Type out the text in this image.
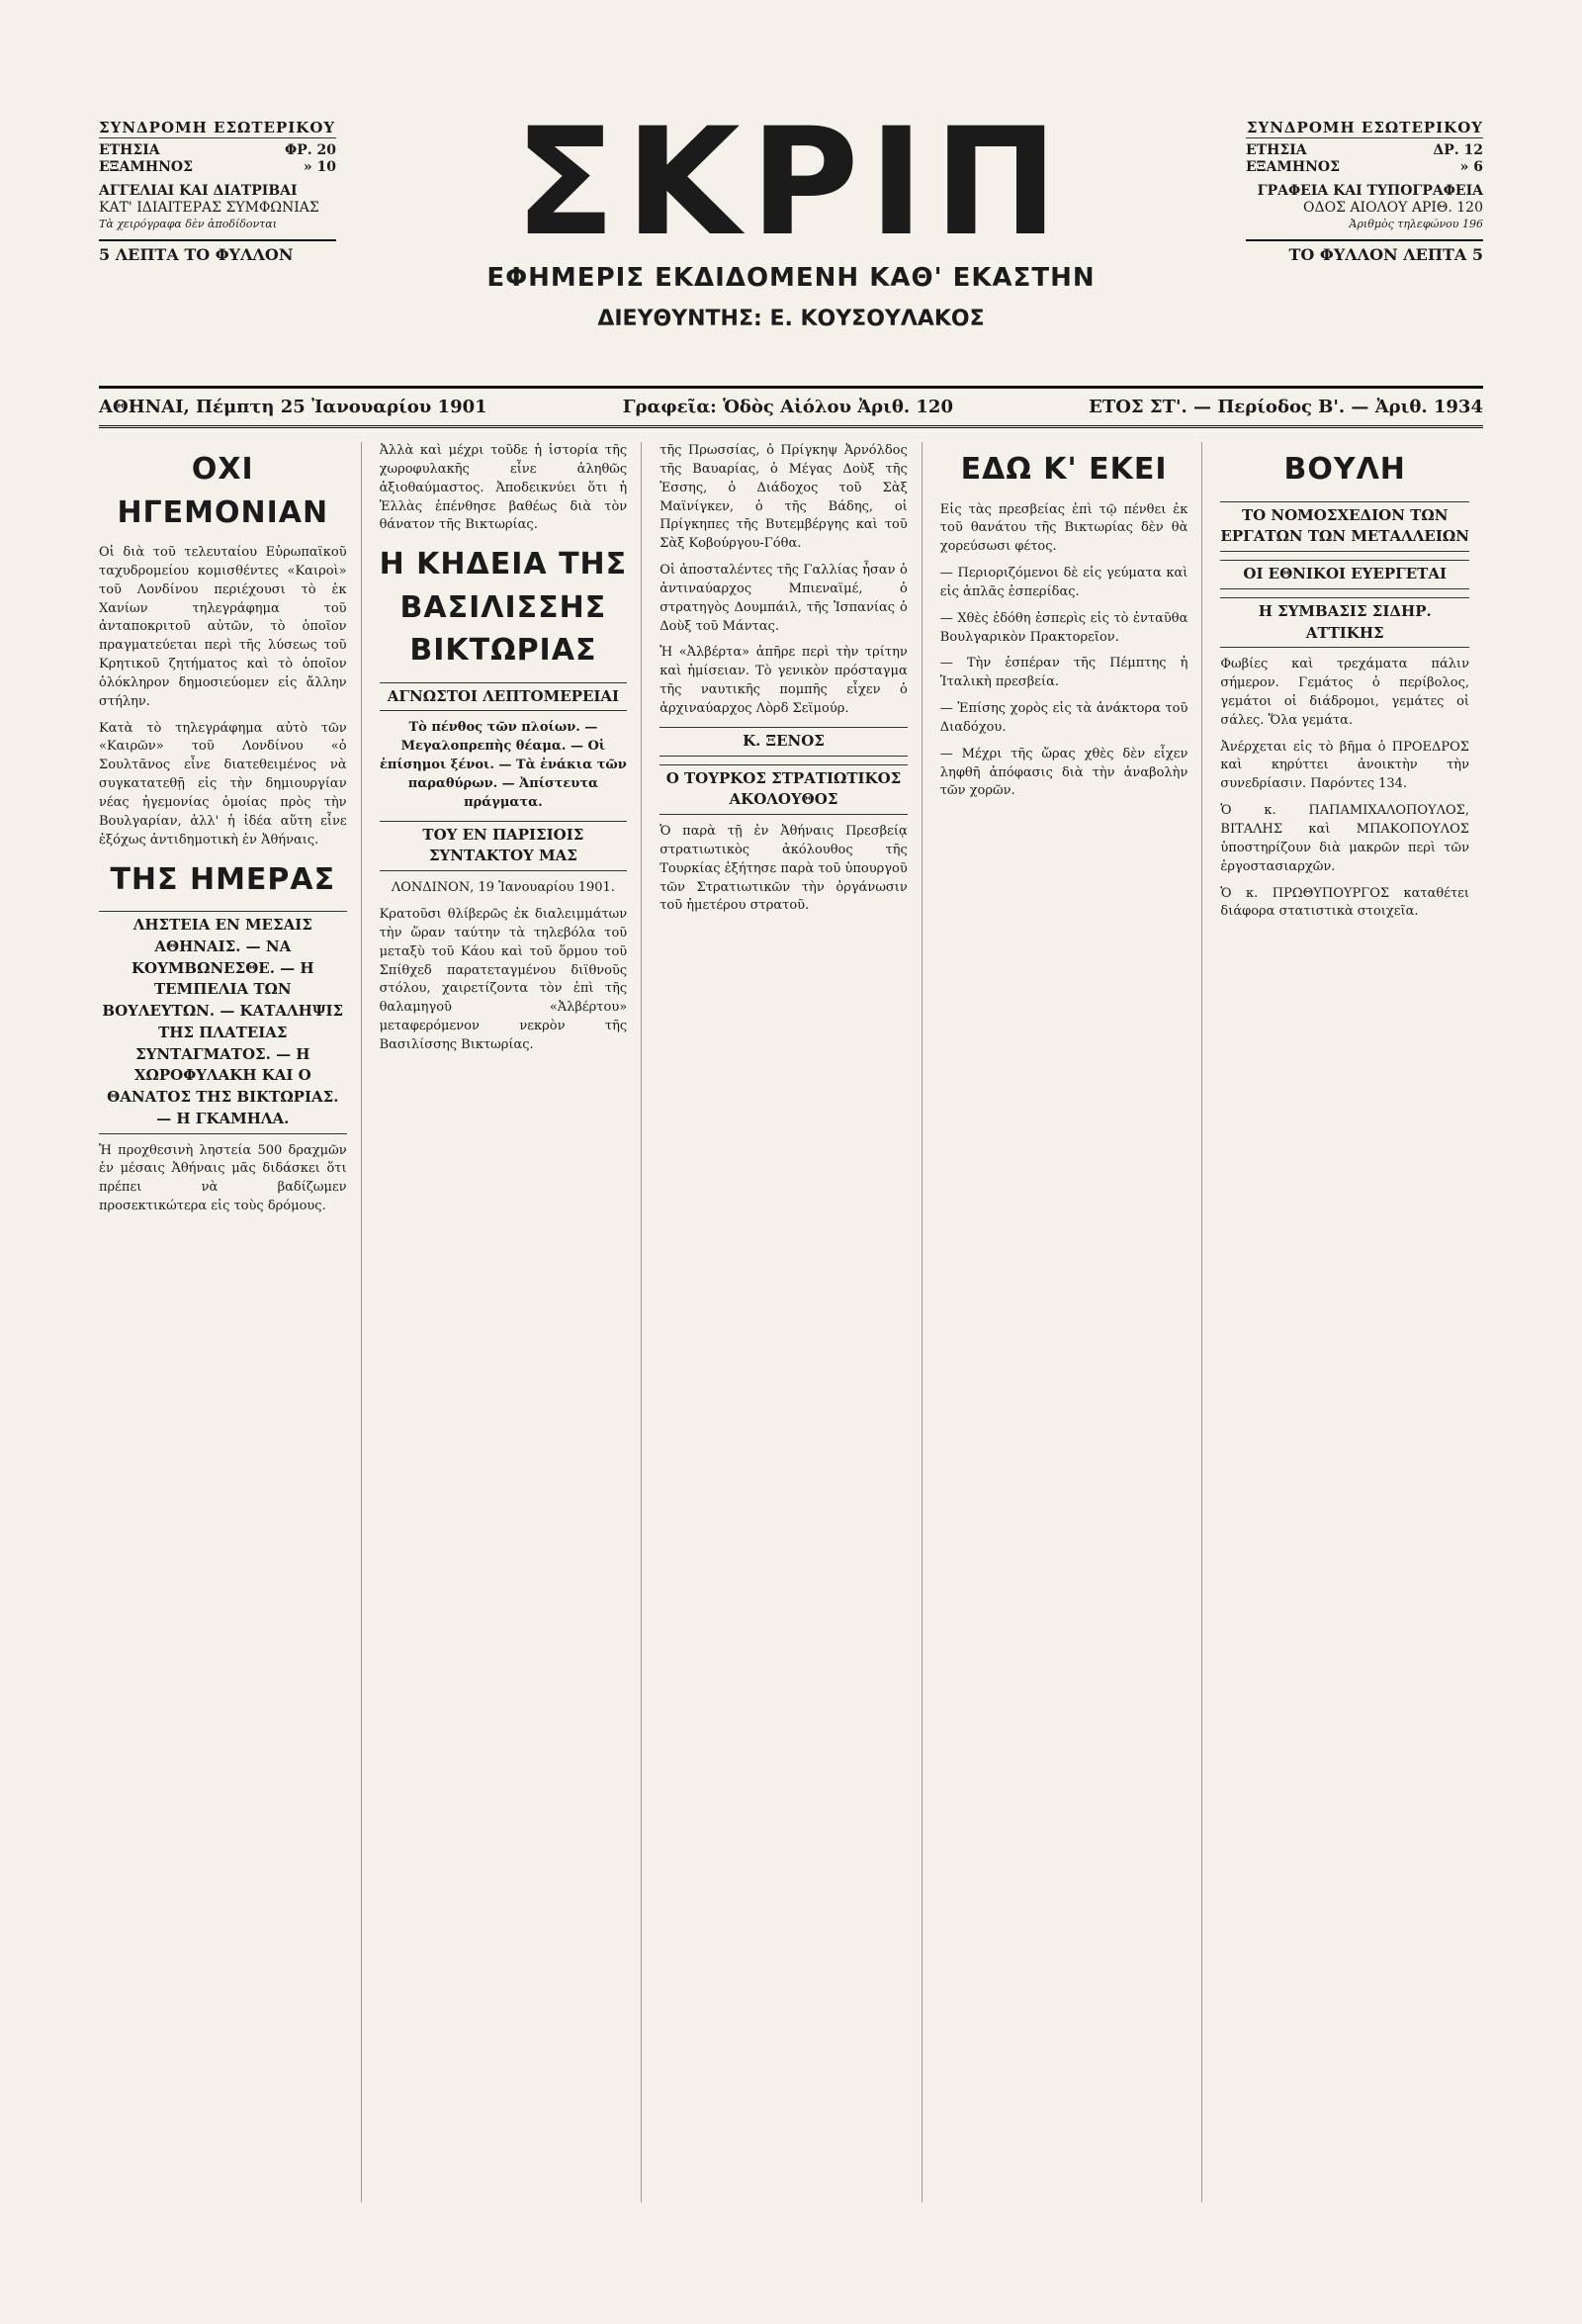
ΣΥΝΔΡΟΜΗ ΕΣΩΤΕΡΙΚΟΥ
ΕΤΗΣΙΑ	ΦΡ. 20
ΕΞΑΜΗΝΟΣ	» 10
ΑΓΓΕΛΙΑΙ ΚΑΙ ΔΙΑΤΡΙΒΑΙ
ΚΑΤ' ΙΔΙΑΙΤΕΡΑΣ ΣΥΜΦΩΝΙΑΣ
Τὰ χειρόγραφα δὲν ἀποδίδονται
5 ΛΕΠΤΑ ΤΟ ΦΥΛΛΟΝ	ΣΚΡΙΠ
ΕΦΗΜΕΡΙΣ ΕΚΔΙΔΟΜΕΝΗ ΚΑΘ' ΕΚΑΣΤΗΝ
ΔΙΕΥΘΥΝΤΗΣ: Ε. ΚΟΥΣΟΥΛΑΚΟΣ
ΣΥΝΔΡΟΜΗ ΕΣΩΤΕΡΙΚΟΥ
ΕΤΗΣΙΑ	ΔΡ. 12
ΕΞΑΜΗΝΟΣ	» 6
ΓΡΑΦΕΙΑ ΚΑΙ ΤΥΠΟΓΡΑΦΕΙΑ
ΟΔΟΣ ΑΙΟΛΟΥ ΑΡΙΘ. 120
Ἀριθμὸς τηλεφώνου 196
ΤΟ ΦΥΛΛΟΝ ΛΕΠΤΑ 5
ΑΘΗΝΑΙ, Πέμπτη 25 Ἰανουαρίου 1901	Γραφεῖα: Ὁδὸς Αἰόλου Ἀριθ. 120	ΕΤΟΣ ΣΤ'. — Περίοδος Β'. — Ἀριθ. 1934
ΟΧΙ ΗΓΕΜΟΝΙΑΝ

Οἱ διὰ τοῦ τελευταίου Εὐρωπαϊκοῦ ταχυδρομείου κομισθέντες «Καιροὶ» τοῦ Λονδίνου περιέχουσι τὸ ἐκ Χανίων τηλεγράφημα τοῦ ἀνταποκριτοῦ αὐτῶν, τὸ ὁποῖον πραγματεύεται περὶ τῆς λύσεως τοῦ Κρητικοῦ ζητήματος καὶ τὸ ὁποῖον ὁλόκληρον δημοσιεύομεν εἰς ἄλλην στήλην.

Κατὰ τὸ τηλεγράφημα αὐτὸ τῶν «Καιρῶν» τοῦ Λονδίνου «ὁ Σουλτᾶνος εἶνε διατεθειμένος νὰ συγκατατεθῇ εἰς τὴν δημιουργίαν νέας ἡγεμονίας ὁμοίας πρὸς τὴν Βουλγαρίαν, ἀλλ' ἡ ἰδέα αὕτη εἶνε ἐξόχως ἀντιδημοτικὴ ἐν Ἀθήναις.

ΤΗΣ ΗΜΕΡΑΣ
ΛΗΣΤΕΙΑ ΕΝ ΜΕΣΑΙΣ ΑΘΗΝΑΙΣ. — ΝΑ ΚΟΥΜΒΩΝΕΣΘΕ. — Η ΤΕΜΠΕΛΙΑ ΤΩΝ ΒΟΥΛΕΥΤΩΝ. — ΚΑΤΑΛΗΨΙΣ ΤΗΣ ΠΛΑΤΕΙΑΣ ΣΥΝΤΑΓΜΑΤΟΣ. — Η ΧΩΡΟΦΥΛΑΚΗ ΚΑΙ Ο ΘΑΝΑΤΟΣ ΤΗΣ ΒΙΚΤΩΡΙΑΣ. — Η ΓΚΑΜΗΛΑ.

Ἡ προχθεσινὴ ληστεία 500 δραχμῶν ἐν μέσαις Ἀθήναις μᾶς διδάσκει ὅτι πρέπει νὰ βαδίζωμεν προσεκτικώτερα εἰς τοὺς δρόμους.

Ἀλλὰ καὶ μέχρι τοῦδε ἡ ἱστορία τῆς χωροφυλακῆς εἶνε ἀληθῶς ἀξιοθαύμαστος. Ἀποδεικνύει ὅτι ἡ Ἑλλὰς ἐπένθησε βαθέως διὰ τὸν θάνατον τῆς Βικτωρίας.

Η ΚΗΔΕΙΑ ΤΗΣ ΒΑΣΙΛΙΣΣΗΣ ΒΙΚΤΩΡΙΑΣ
ΑΓΝΩΣΤΟΙ ΛΕΠΤΟΜΕΡΕΙΑΙ

Τὸ πένθος τῶν πλοίων. — Μεγαλοπρεπὴς θέαμα. — Οἱ ἐπίσημοι ξένοι. — Τὰ ἐνάκια τῶν παραθύρων. — Ἀπίστευτα πράγματα.

ΤΟΥ ΕΝ ΠΑΡΙΣΙΟΙΣ ΣΥΝΤΑΚΤΟΥ ΜΑΣ

ΛΟΝΔΙΝΟΝ, 19 Ἰανουαρίου 1901.

Κρατοῦσι θλίβερῶς ἐκ διαλειμμάτων τὴν ὥραν ταύτην τὰ τηλεβόλα τοῦ μεταξὺ τοῦ Κάου καὶ τοῦ ὅρμου τοῦ Σπίθχεδ παρατεταγμένου διϊθνοῦς στόλου, χαιρετίζοντα τὸν ἐπὶ τῆς θαλαμηγοῦ «Ἀλβέρτου» μεταφερόμενον νεκρὸν τῆς Βασιλίσσης Βικτωρίας.

τῆς Πρωσσίας, ὁ Πρίγκηψ Ἀρνόλδος τῆς Βαυαρίας, ὁ Μέγας Δοὺξ τῆς Ἐσσης, ὁ Διάδοχος τοῦ Σὰξ Μαϊνίγκεν, ὁ τῆς Βάδης, οἱ Πρίγκηπες τῆς Βυτεμβέργης καὶ τοῦ Σὰξ Κοβούργου-Γόθα.

Οἱ ἀποσταλέντες τῆς Γαλλίας ἦσαν ὁ ἀντιναύαρχος Μπιεναϊμέ, ὁ στρατηγὸς Δουμπάιλ, τῆς Ἰσπανίας ὁ Δοὺξ τοῦ Μάντας.

Ἡ «Ἀλβέρτα» ἀπῆρε περὶ τὴν τρίτην καὶ ἡμίσειαν. Τὸ γενικὸν πρόσταγμα τῆς ναυτικῆς πομπῆς εἶχεν ὁ ἀρχιναύαρχος Λὸρδ Σεϊμούρ.

Κ. ΞΕΝΟΣ
Ο ΤΟΥΡΚΟΣ ΣΤΡΑΤΙΩΤΙΚΟΣ ΑΚΟΛΟΥΘΟΣ

Ὁ παρὰ τῇ ἐν Ἀθήναις Πρεσβείᾳ στρατιωτικὸς ἀκόλουθος τῆς Τουρκίας ἐξήτησε παρὰ τοῦ ὑπουργοῦ τῶν Στρατιωτικῶν τὴν ὀργάνωσιν τοῦ ἡμετέρου στρατοῦ.

ΕΔΩ Κ' ΕΚΕΙ

Εἰς τὰς πρεσβείας ἐπὶ τῷ πένθει ἐκ τοῦ θανάτου τῆς Βικτωρίας δὲν θὰ χορεύσωσι φέτος.

— Περιοριζόμενοι δὲ εἰς γεύματα καὶ εἰς ἁπλᾶς ἑσπερίδας.

— Χθὲς ἐδόθη ἑσπερὶς εἰς τὸ ἐνταῦθα Βουλγαρικὸν Πρακτορεῖον.

— Τὴν ἑσπέραν τῆς Πέμπτης ἡ Ἰταλικὴ πρεσβεία.

— Ἐπίσης χορὸς εἰς τὰ ἀνάκτορα τοῦ Διαδόχου.

— Μέχρι τῆς ὥρας χθὲς δὲν εἶχεν ληφθῆ ἀπόφασις διὰ τὴν ἀναβολὴν τῶν χορῶν.

ΒΟΥΛΗ
ΤΟ ΝΟΜΟΣΧΕΔΙΟΝ ΤΩΝ ΕΡΓΑΤΩΝ ΤΩΝ ΜΕΤΑΛΛΕΙΩΝ
ΟΙ ΕΘΝΙΚΟΙ ΕΥΕΡΓΕΤΑΙ
Η ΣΥΜΒΑΣΙΣ ΣΙΔΗΡ. ΑΤΤΙΚΗΣ

Φωβίες καὶ τρεχάματα πάλιν σήμερον. Γεμάτος ὁ περίβολος, γεμάτοι οἱ διάδρομοι, γεμάτες οἱ σάλες. Ὅλα γεμάτα.

Ἀνέρχεται εἰς τὸ βῆμα ὁ ΠΡΟΕΔΡΟΣ καὶ κηρύττει ἀνοικτὴν τὴν συνεδρίασιν. Παρόντες 134.

Ὁ κ. ΠΑΠΑΜΙΧΑΛΟΠΟΥΛΟΣ, ΒΙΤΑΛΗΣ καὶ ΜΠΑΚΟΠΟΥΛΟΣ ὑποστηρίζουν διὰ μακρῶν περὶ τῶν ἐργοστασιαρχῶν.

Ὁ κ. ΠΡΩΘΥΠΟΥΡΓΟΣ καταθέτει διάφορα στατιστικὰ στοιχεῖα.
